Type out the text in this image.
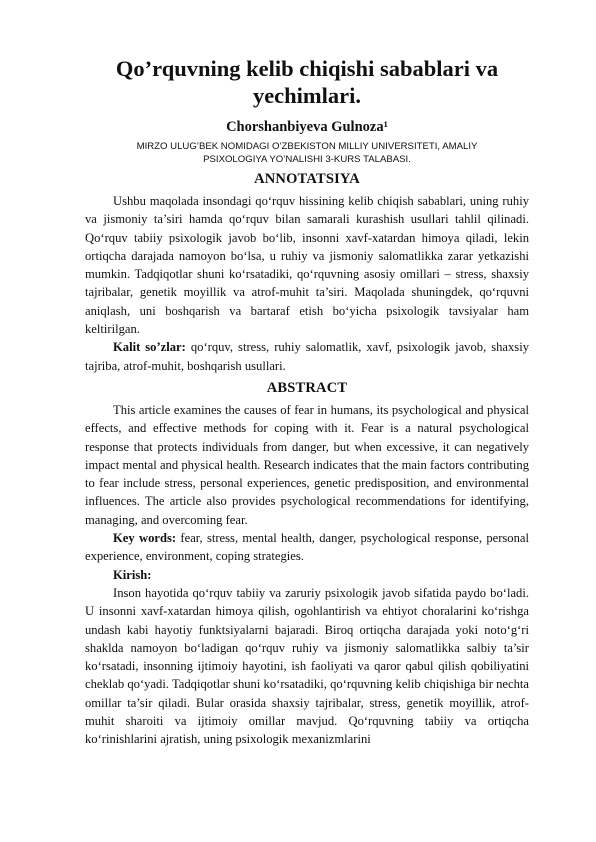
Qo’rquvning kelib chiqishi sabablari va yechimlari.
Chorshanbiyeva Gulnoza¹
MIRZO ULUG’BEK NOMIDAGI O’ZBEKISTON MILLIY UNIVERSITETI, AMALIY PSIXOLOGIYA YO’NALISHI 3-KURS TALABASI.
ANNOTATSIYA

Ushbu maqolada insondagi qo‘rquv hissining kelib chiqish sabablari, uning ruhiy va jismoniy ta’siri hamda qo‘rquv bilan samarali kurashish usullari tahlil qilinadi. Qo‘rquv tabiiy psixologik javob bo‘lib, insonni xavf-xatardan himoya qiladi, lekin ortiqcha darajada namoyon bo‘lsa, u ruhiy va jismoniy salomatlikka zarar yetkazishi mumkin. Tadqiqotlar shuni ko‘rsatadiki, qo‘rquvning asosiy omillari – stress, shaxsiy tajribalar, genetik moyillik va atrof-muhit ta’siri. Maqolada shuningdek, qo‘rquvni aniqlash, uni boshqarish va bartaraf etish bo‘yicha psixologik tavsiyalar ham keltirilgan.

Kalit so’zlar: qo‘rquv, stress, ruhiy salomatlik, xavf, psixologik javob, shaxsiy tajriba, atrof-muhit, boshqarish usullari.

ABSTRACT

This article examines the causes of fear in humans, its psychological and physical effects, and effective methods for coping with it. Fear is a natural psychological response that protects individuals from danger, but when excessive, it can negatively impact mental and physical health. Research indicates that the main factors contributing to fear include stress, personal experiences, genetic predisposition, and environmental influences. The article also provides psychological recommendations for identifying, managing, and overcoming fear.

Key words: fear, stress, mental health, danger, psychological response, personal experience, environment, coping strategies.

Kirish:

Inson hayotida qo‘rquv tabiiy va zaruriy psixologik javob sifatida paydo bo‘ladi. U insonni xavf-xatardan himoya qilish, ogohlantirish va ehtiyot choralarini ko‘rishga undash kabi hayotiy funktsiyalarni bajaradi. Biroq ortiqcha darajada yoki noto‘g‘ri shaklda namoyon bo‘ladigan qo‘rquv ruhiy va jismoniy salomatlikka salbiy ta’sir ko‘rsatadi, insonning ijtimoiy hayotini, ish faoliyati va qaror qabul qilish qobiliyatini cheklab qo‘yadi. Tadqiqotlar shuni ko‘rsatadiki, qo‘rquvning kelib chiqishiga bir nechta omillar ta’sir qiladi. Bular orasida shaxsiy tajribalar, stress, genetik moyillik, atrof-muhit sharoiti va ijtimoiy omillar mavjud. Qo‘rquvning tabiiy va ortiqcha ko‘rinishlarini ajratish, uning psixologik mexanizmlarini
